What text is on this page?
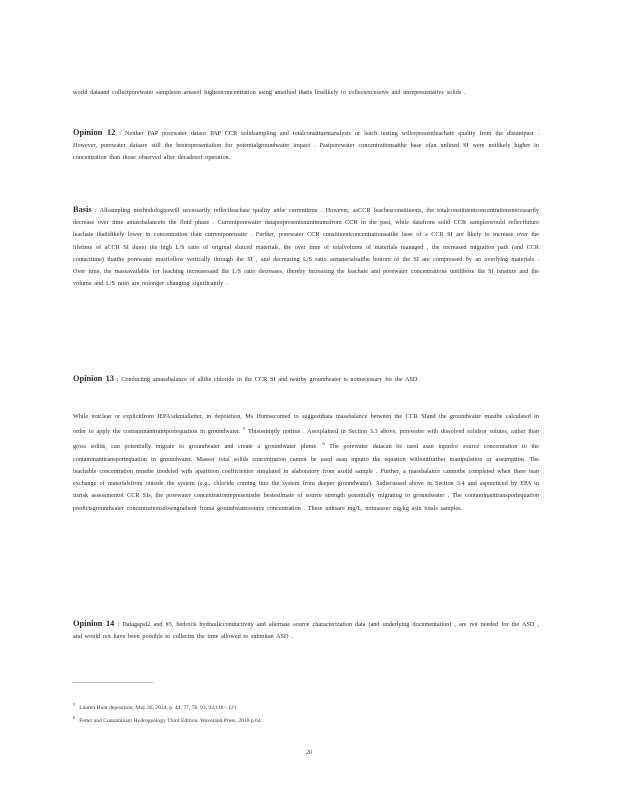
world dataand collectporewater samplesin areasof highestconcentration using amethod thatis lesslikely to collectexcessive and unrepresentative solids .
Opinion 12 : Neither PAP porewater dataor PAP CCR solidsampling and totalconstituentanalysis or leach testing willrepresentleachate quality from the distantpast . However, porewater dataare still the bestrepresentation for potentialgroundwater impact . Pastporewater concentrationsatthe base ofan unlined SI were notlikely higher in concentration than those observed after decadesof operation.
Basis : Allsampling methodologieswill necessarily reflectleachate quality atthe currenttime . However, asCCR leachesconstituents, the totalconstituentconcentrationsnecessarily decrease over time amassbalanceto the fluid phase . Currentporewater dataprepresentsminimumsfrom CCR in the past, while datafrom solid CCR sampleswould reflectfuture leachate thatislikely lower in concentration than currentporewater . Further, porewater CCR constituentconcentrationsatthe base of a CCR SI are likely to increase over the lifetime of aCCR SI dueto the high L/S ratio of original sluiced materials, the over time of totalvolume of materials managed , the increased migration path (and CCR contacttime) thatthe porewater mustfollow vertically through the SI , and decreasing L/S ratio asmaterialsatthe bottom of the SI are compressed by an overlying materials . Over time, the massavailable for leaching increasesand the L/S ratio decreases, thereby increasing the leachate and porewater concentrations untilthose the SI isnature and the volume and L/S ratio are nolonger changing significantly .
Opinion 13 : Conducting amassbalance of allthe chloride in the CCR SI and nearby groundwater is notnecessary for the ASD.
While notclear or explicitfrom IEPA'sdenialletter, in deposition, Ms Huntsecomed to suggestthata massbalance between the CCR SIand the groundwater mustbe calculated in order to apply the contaminanttransportequation in groundwater. $^5$ Thisissimply nottrue . Asexplained in Section 3.3 above, porewater with dissolved solidsor solutes, rather than gross solids, can potentially migrate to groundwater and create a groundwater plume. $^6$ The porewater datacan be used asan inputfor source concentration to the contaminanttransportequation in groundwater. Massor total solids concentration cannot be used asan inputto the equation withoutfurther manipulation or assumption. The leachable concentration mustbe modeled with apartition coefficientor simulated in alaboratory from asolid sample . Further, a massbalance cannotbe completed when there isan exchange of materialsfrom outside the system (e.g., chloride coming into the system from deeper groundwater). Asdiscussed above in Section 3.4 and asprecticed by EPA in itsrisk assessmentof CCR SIs, the porewater concentrationrepresentsthe bestestimate of source strength potentially migrating to groundwater . The contaminanttransportequation predictsgroundwater concentrationsdowngradient froma groundwatersource concentration . These unitsare mg/L, notmasser mg/kg asin totals samples.
Opinion 14 : Datagapsf2 and #3, bedrock hydraulicconductivity and alternate source characterization data (and underlying documentation) , are not needed for the ASD , and would not have been possible to collectin the time allowed to submitan ASD .
$^5$Lauren Hunt deposition, May 26, 2024, p. 44, 77, 78, 93, 92,118 - 121
$^6$Fetter and Contaminant Hydrogeology Third Edition, Waveland Press, 2018 p.64.
20
